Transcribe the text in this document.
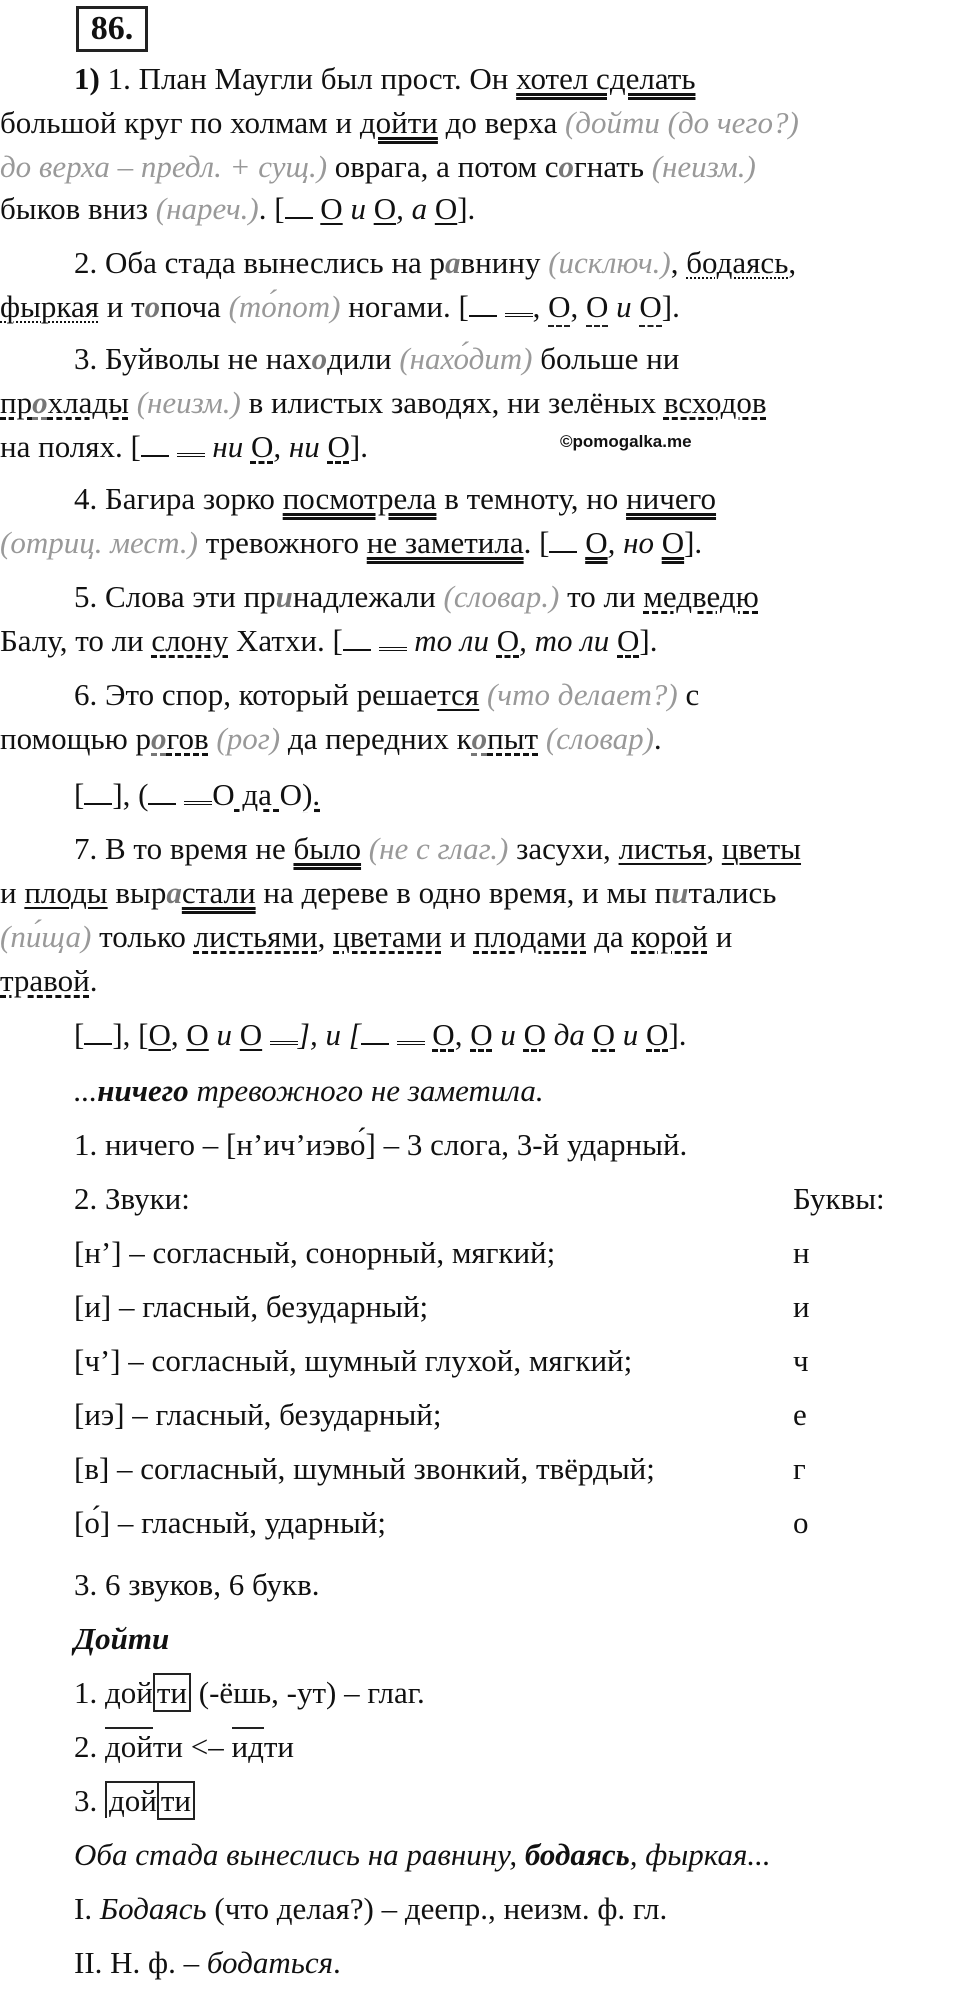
86.
1) 1. План Маугли был прост. Он хотел сделать
большой круг по холмам и дойти до верха (дойти (до чего?)
до верха – предл. + сущ.) оврага, а потом согнать (неизм.)
быков вниз (нареч.). [ О и О, а О].
2. Оба стада вынеслись на равнину (исключ.), бодаясь,
фыркая и топоча (то́пот) ногами. [ , О, О и О].
3. Буйволы не находили (нахо́дит) больше ни
прохлады (неизм.) в илистых заводях, ни зелёных всходов
на полях. [  ни О, ни О].	©pomogalka.me
4. Багира зорко посмотрела в темноту, но ничего
(отриц. мест.) тревожного не заметила. [ О, но О].
5. Слова эти принадлежали (словар.) то ли медведю
Балу, то ли слону Хатхи. [  то ли О, то ли О].
6. Это спор, который решается (что делает?) с
помощью рогов (рог) да передних копыт (словар).
[ ], ( О да О).
7. В то время не было (не с глаг.) засухи, листья, цветы
и плоды вырастали на дереве в одно время, и мы питались
(пи́ща) только листьями, цветами и плодами да корой и
травой.
[ ], [О, О и О ], и [ О, О и О да О и О].
...ничего тревожного не заметила.
1. ничего – [н’ич’иэво́] – 3 слога, 3-й ударный.
2. Звуки:	Буквы:
[н’] – согласный, сонорный, мягкий;	н
[и] – гласный, безударный;	и
[ч’] – согласный, шумный глухой, мягкий;	ч
[иэ] – гласный, безударный;	е
[в] – согласный, шумный звонкий, твёрдый;	г
[о́] – гласный, ударный;	о
3. 6 звуков, 6 букв.
Дойти
1. дой ти (-ёшь, -ут) – глаг.
2. дойти <– идти
3. дой ти
Оба стада вынеслись на равнину, бодаясь, фыркая...
I. Бодаясь (что делая?) – деепр., неизм. ф. гл.
II. Н. ф. – бодаться.
